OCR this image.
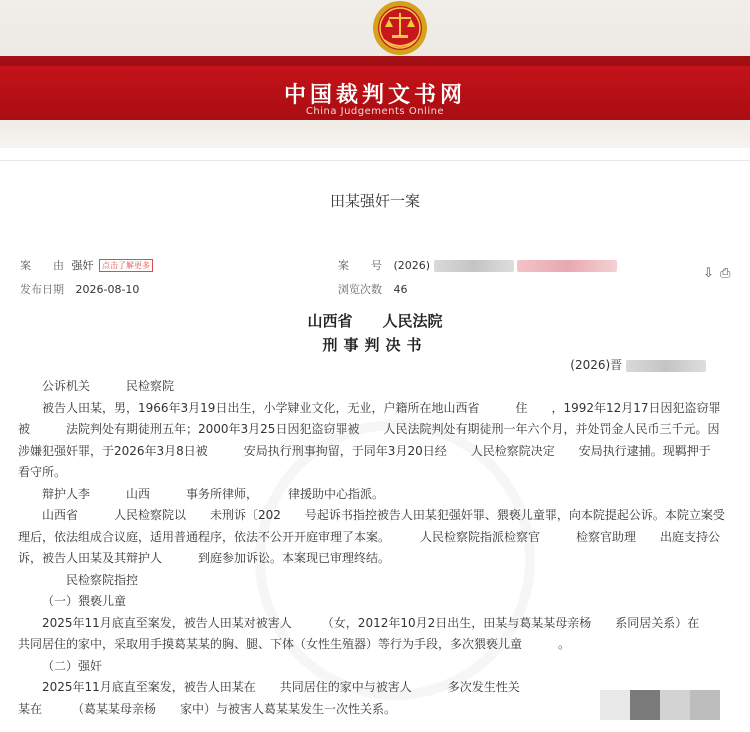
中国裁判文书网
China Judgements Online
田某强奸一案
案　　由 强奸 点击了解更多	案　　号 (2026)
⇩ ⎙
发布日期 2026-08-10	浏览次数 46
山西省　　人民法院
刑事判决书
(2026)晋

公诉机关　　　民检察院

被告人田某，男，1966年3月19日出生，小学肄业文化，无业，户籍所在地山西省　　　住　　，1992年12月17日因犯盗窃罪被　　　法院判处有期徒刑五年；2000年3月25日因犯盗窃罪被　　人民法院判处有期徒刑一年六个月，并处罚金人民币三千元。因涉嫌犯强奸罪，于2026年3月8日被　　　安局执行刑事拘留，于同年3月20日经　　人民检察院决定　　安局执行逮捕。现羁押于　　　看守所。

辩护人李　　　山西　　　事务所律师，　　　律援助中心指派。

山西省　　　人民检察院以　　未刑诉〔202　　号起诉书指控被告人田某犯强奸罪、猥亵儿童罪，向本院提起公诉。本院立案受理后，依法组成合议庭，适用普通程序，依法不公开开庭审理了本案。　　　人民检察院指派检察官　　　检察官助理　　出庭支持公诉，被告人田某及其辩护人　　　到庭参加诉讼。本案现已审理终结。

　　民检察院指控

（一）猥亵儿童

2025年11月底直至案发，被告人田某对被害人　　　（女，2012年10月2日出生，田某与葛某某母亲杨　　系同居关系）在　　共同居住的家中，采取用手摸葛某某的胸、腿、下体（女性生殖器）等行为手段，多次猥亵儿童　　　。

（二）强奸

2025年11月底直至案发，被告人田某在　　共同居住的家中与被害人　　　多次发生性关

某在　　　（葛某某母亲杨　　家中）与被害人葛某某发生一次性关系。
